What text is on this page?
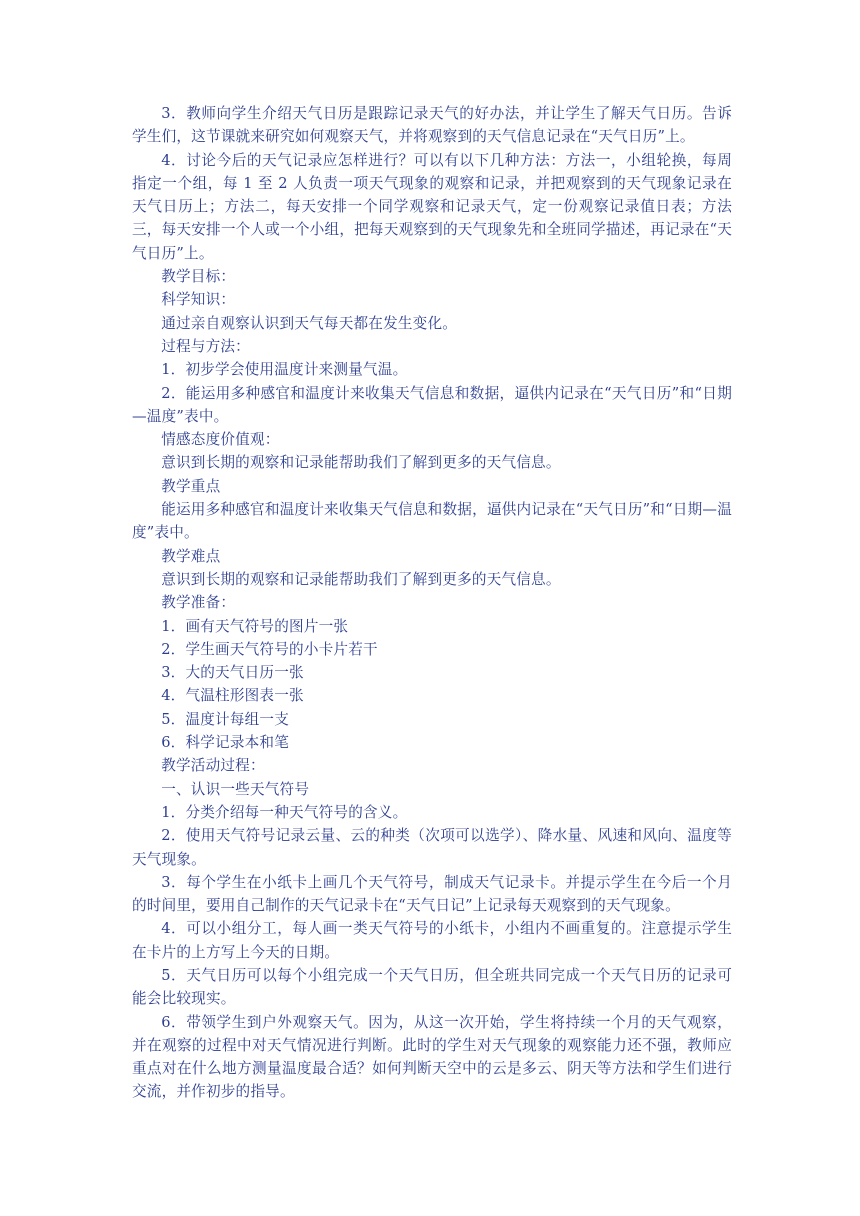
3．教师向学生介绍天气日历是跟踪记录天气的好办法，并让学生了解天气日历。告诉学生们，这节课就来研究如何观察天气，并将观察到的天气信息记录在“天气日历”上。

4．讨论今后的天气记录应怎样进行？可以有以下几种方法：方法一，小组轮换，每周指定一个组，每 1 至 2 人负责一项天气现象的观察和记录，并把观察到的天气现象记录在天气日历上；方法二，每天安排一个同学观察和记录天气，定一份观察记录值日表；方法三，每天安排一个人或一个小组，把每天观察到的天气现象先和全班同学描述，再记录在“天气日历”上。

教学目标：

科学知识：

通过亲自观察认识到天气每天都在发生变化。

过程与方法：

1．初步学会使用温度计来测量气温。

2．能运用多种感官和温度计来收集天气信息和数据，逼供内记录在“天气日历”和“日期—温度”表中。

情感态度价值观：

意识到长期的观察和记录能帮助我们了解到更多的天气信息。

教学重点

能运用多种感官和温度计来收集天气信息和数据，逼供内记录在“天气日历”和“日期—温度”表中。

教学难点

意识到长期的观察和记录能帮助我们了解到更多的天气信息。

教学准备：

1．画有天气符号的图片一张

2．学生画天气符号的小卡片若干

3．大的天气日历一张

4．气温柱形图表一张

5．温度计每组一支

6．科学记录本和笔

教学活动过程：

一、认识一些天气符号

1．分类介绍每一种天气符号的含义。

2．使用天气符号记录云量、云的种类（次项可以选学）、降水量、风速和风向、温度等天气现象。

3．每个学生在小纸卡上画几个天气符号，制成天气记录卡。并提示学生在今后一个月的时间里，要用自己制作的天气记录卡在“天气日记”上记录每天观察到的天气现象。

4．可以小组分工，每人画一类天气符号的小纸卡，小组内不画重复的。注意提示学生在卡片的上方写上今天的日期。

5．天气日历可以每个小组完成一个天气日历，但全班共同完成一个天气日历的记录可能会比较现实。

6．带领学生到户外观察天气。因为，从这一次开始，学生将持续一个月的天气观察，并在观察的过程中对天气情况进行判断。此时的学生对天气现象的观察能力还不强，教师应重点对在什么地方测量温度最合适？如何判断天空中的云是多云、阴天等方法和学生们进行交流，并作初步的指导。
